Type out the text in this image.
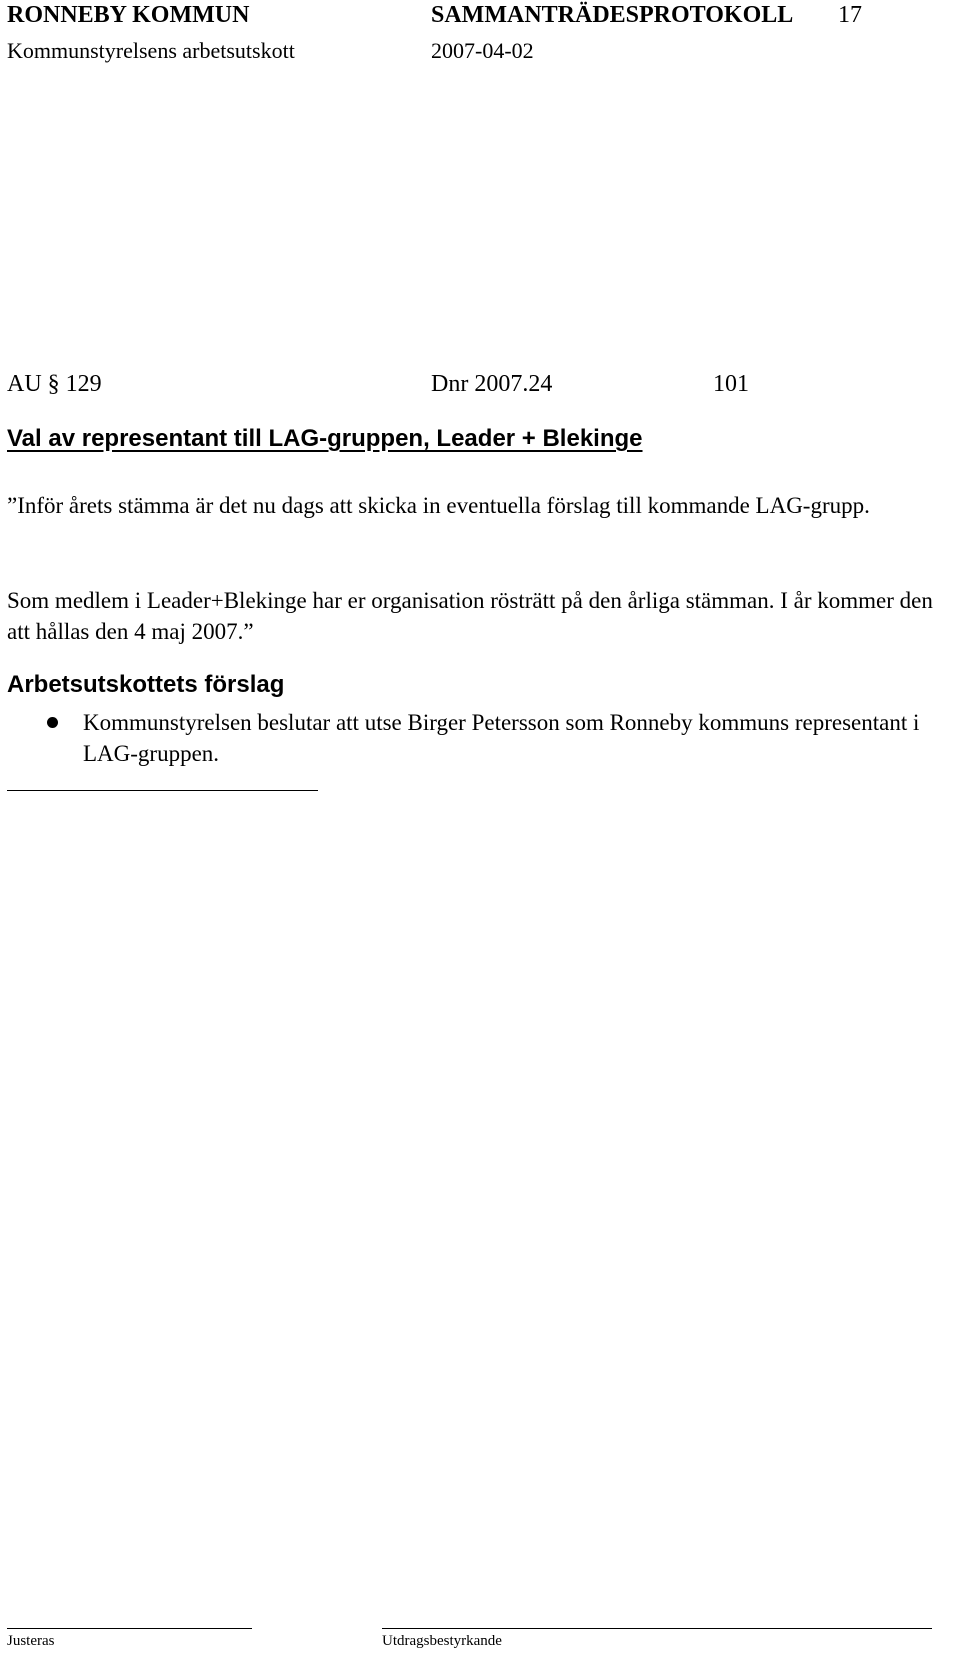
RONNEBY KOMMUN	SAMMANTRÄDESPROTOKOLL 17
Kommunstyrelsens arbetsutskott	2007-04-02
AU § 129	Dnr 2007.24	101
Val av representant till LAG-gruppen, Leader + Blekinge
”Inför årets stämma är det nu dags att skicka in eventuella förslag till kommande LAG-grupp.
Som medlem i Leader+Blekinge har er organisation rösträtt på den årliga stämman. I år kommer den att hållas den 4 maj 2007.”
Arbetsutskottets förslag
Kommunstyrelsen beslutar att utse Birger Petersson som Ronneby kommuns representant i LAG-gruppen.
Justeras	Utdragsbestyrkande
